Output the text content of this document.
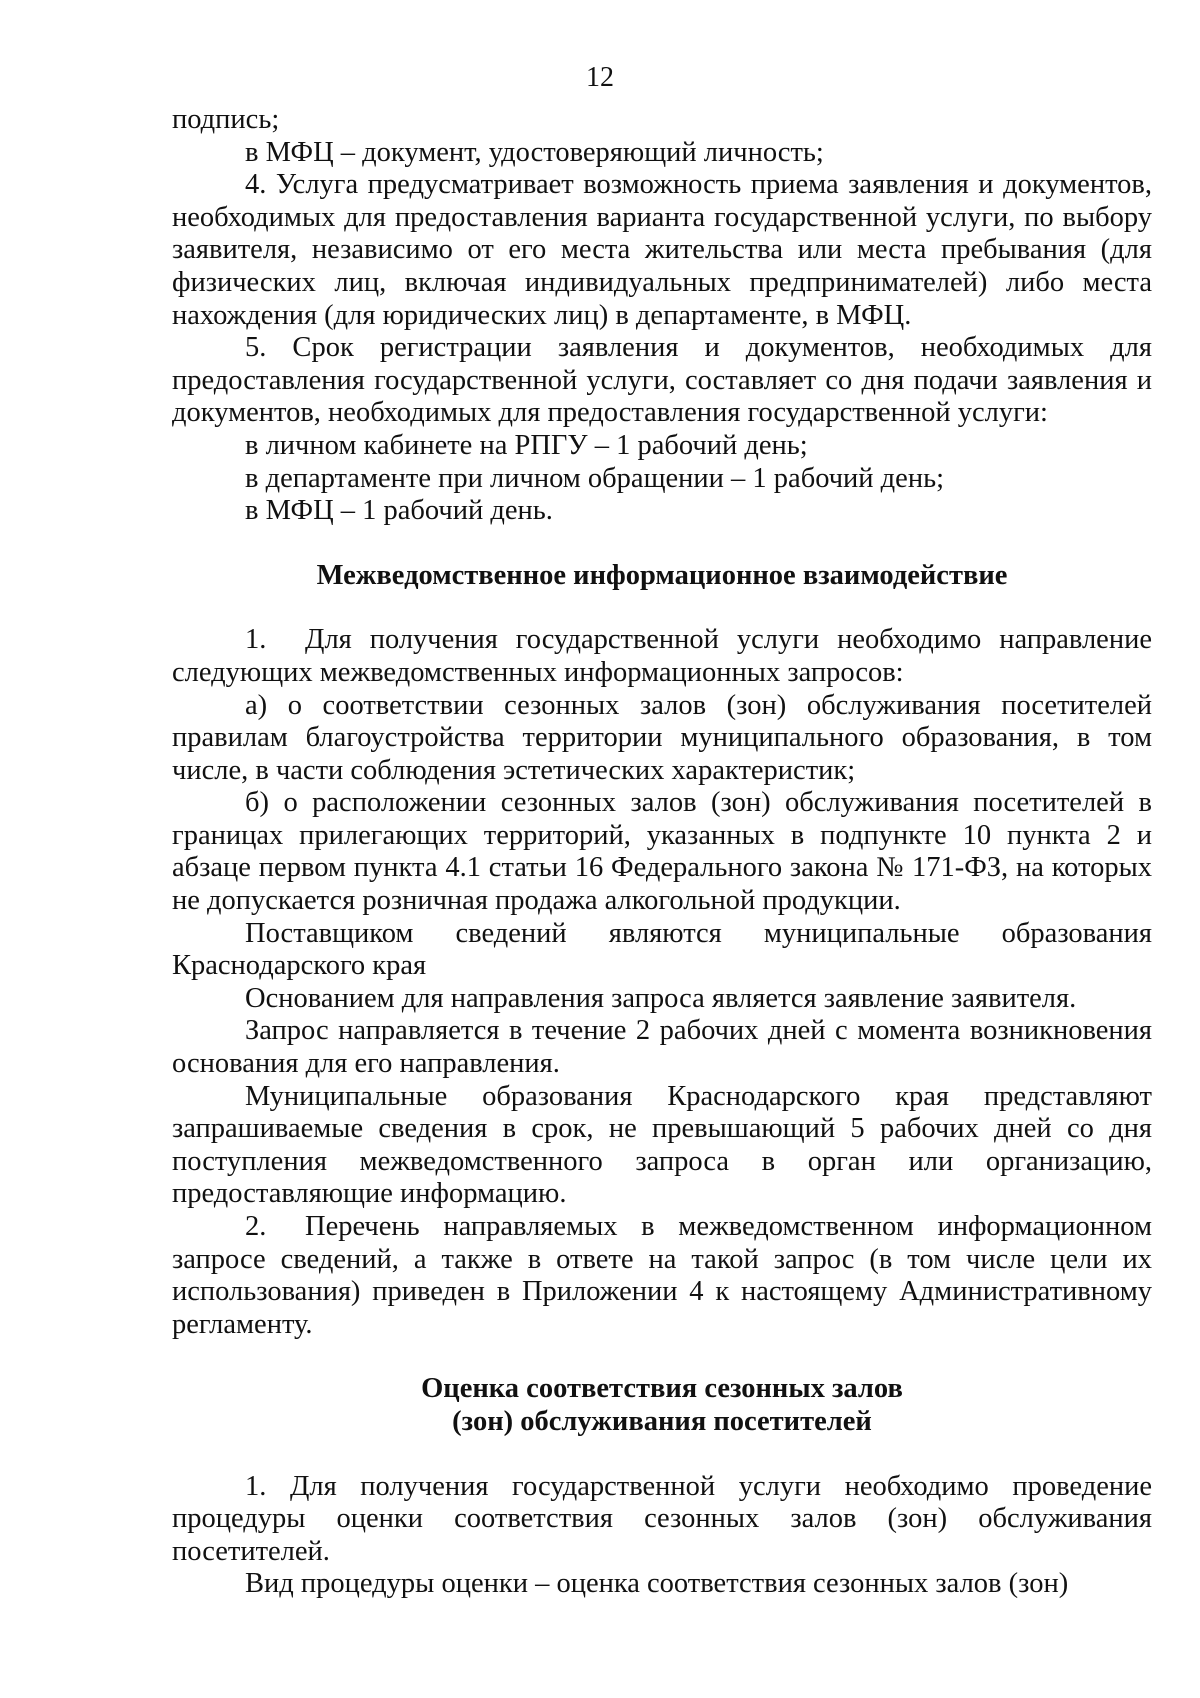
12

подпись;

в МФЦ – документ, удостоверяющий личность;

4. Услуга предусматривает возможность приема заявления и документов, необходимых для предоставления варианта государственной услуги, по выбору заявителя, независимо от его места жительства или места пребывания (для физических лиц, включая индивидуальных предпринимателей) либо места нахождения (для юридических лиц) в департаменте, в МФЦ.

5. Срок регистрации заявления и документов, необходимых для предоставления государственной услуги, составляет со дня подачи заявления и документов, необходимых для предоставления государственной услуги:

в личном кабинете на РПГУ – 1 рабочий день;

в департаменте при личном обращении – 1 рабочий день;

в МФЦ – 1 рабочий день.

Межведомственное информационное взаимодействие

1. Для получения государственной услуги необходимо направление следующих межведомственных информационных запросов:

а) о соответствии сезонных залов (зон) обслуживания посетителей правилам благоустройства территории муниципального образования, в том числе, в части соблюдения эстетических характеристик;

б) о расположении сезонных залов (зон) обслуживания посетителей в границах прилегающих территорий, указанных в подпункте 10 пункта 2 и абзаце первом пункта 4.1 статьи 16 Федерального закона № 171-ФЗ, на которых не допускается розничная продажа алкогольной продукции.

Поставщиком сведений являются муниципальные образования Краснодарского края

Основанием для направления запроса является заявление заявителя.

Запрос направляется в течение 2 рабочих дней с момента возникновения основания для его направления.

Муниципальные образования Краснодарского края представляют запрашиваемые сведения в срок, не превышающий 5 рабочих дней со дня поступления межведомственного запроса в орган или организацию, предоставляющие информацию.

2. Перечень направляемых в межведомственном информационном запросе сведений, а также в ответе на такой запрос (в том числе цели их использования) приведен в Приложении 4 к настоящему Административному регламенту.

Оценка соответствия сезонных залов
(зон) обслуживания посетителей

1. Для получения государственной услуги необходимо проведение процедуры оценки соответствия сезонных залов (зон) обслуживания посетителей.

Вид процедуры оценки – оценка соответствия сезонных залов (зон)
